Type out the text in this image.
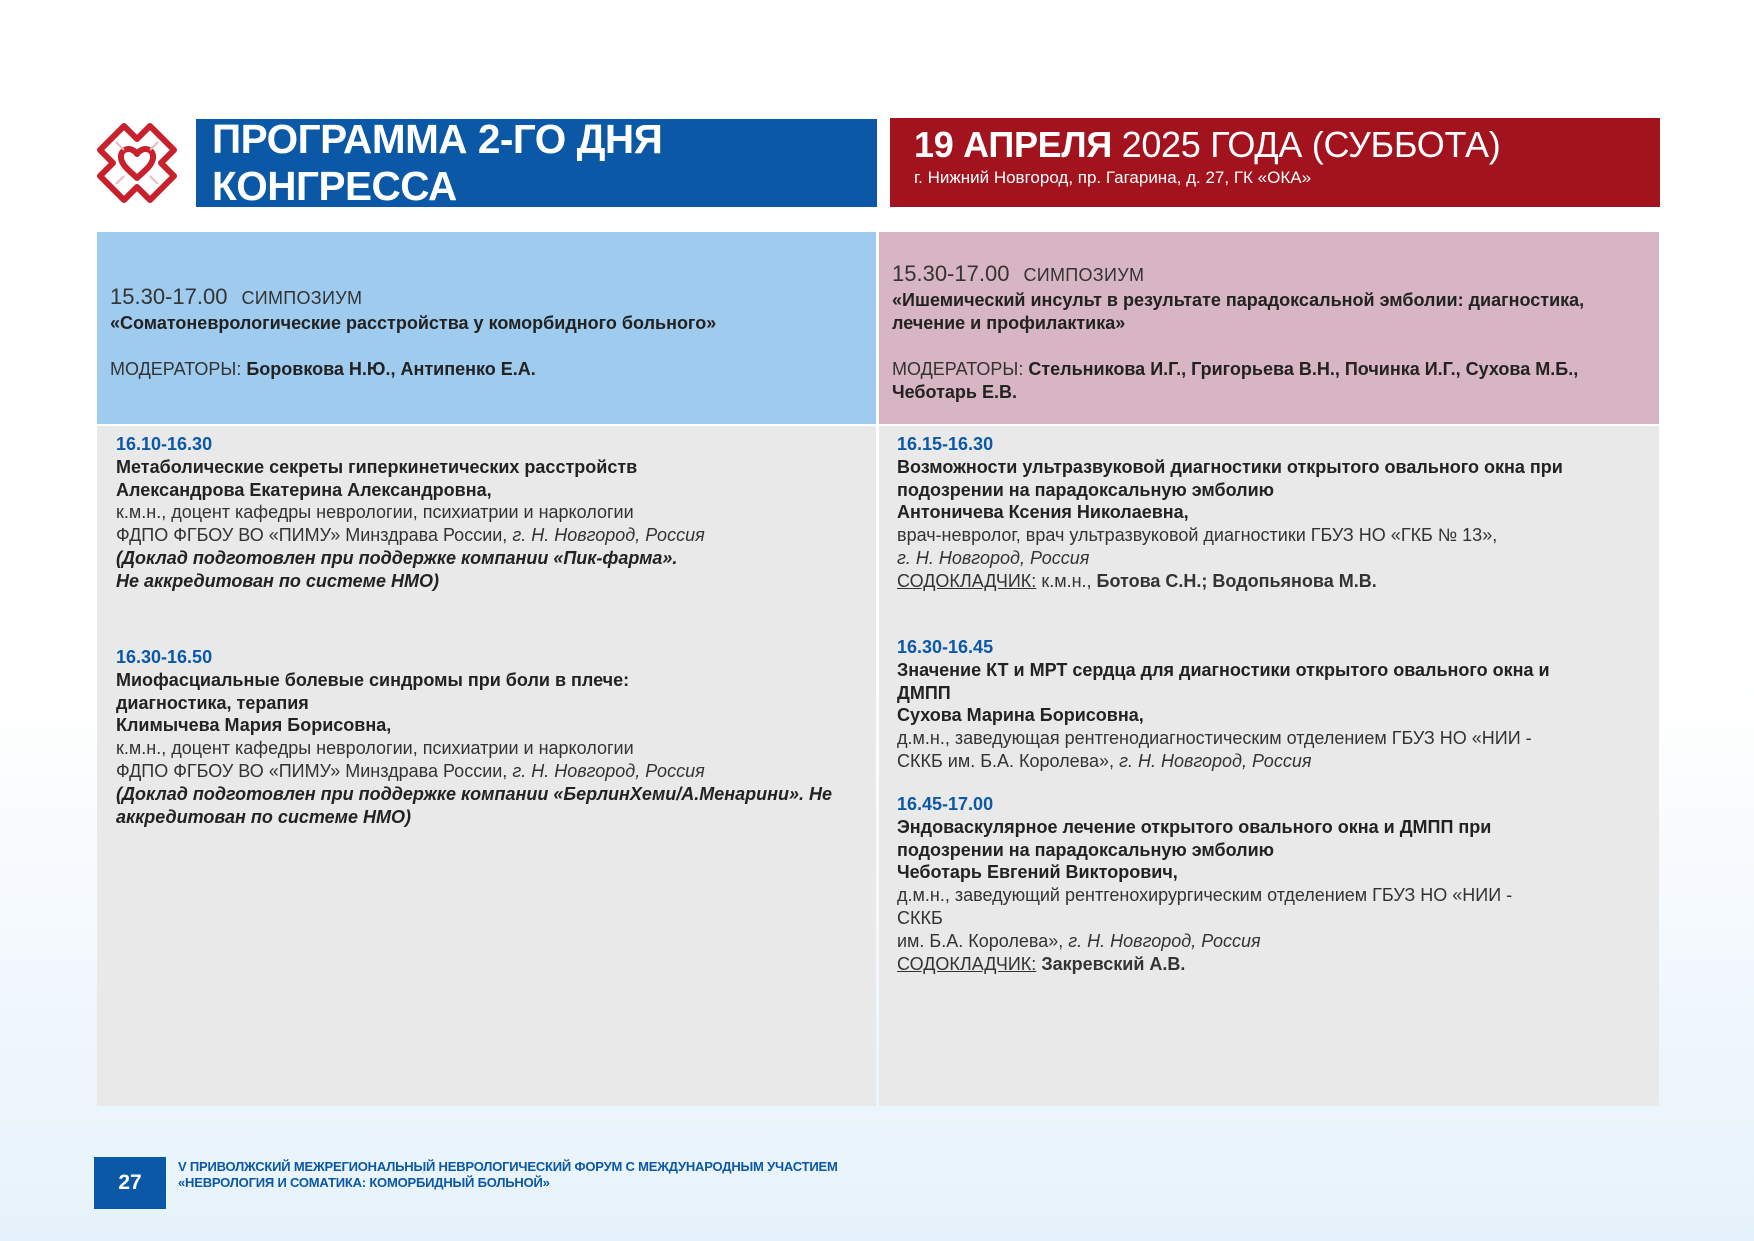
ПРОГРАММА 2-ГО ДНЯ КОНГРЕССА
19 АПРЕЛЯ 2025 ГОДА (СУББОТА)
г. Нижний Новгород, пр. Гагарина, д. 27, ГК «ОКА»
15.30-17.00 СИМПОЗИУМ
«Соматоневрологические расстройства у коморбидного больного»
МОДЕРАТОРЫ: Боровкова Н.Ю., Антипенко Е.А.
15.30-17.00 СИМПОЗИУМ
«Ишемический инсульт в результате парадоксальной эмболии: диагностика,
лечение и профилактика»
МОДЕРАТОРЫ: Стельникова И.Г., Григорьева В.Н., Починка И.Г., Сухова М.Б.,
Чеботарь Е.В.
16.10-16.30
Метаболические секреты гиперкинетических расстройств
Александрова Екатерина Александровна,
к.м.н., доцент кафедры неврологии, психиатрии и наркологии
ФДПО ФГБОУ ВО «ПИМУ» Минздрава России, г. Н. Новгород, Россия
(Доклад подготовлен при поддержке компании «Пик-фарма».
Не аккредитован по системе НМО)
16.30-16.50
Миофасциальные болевые синдромы при боли в плече:
диагностика, терапия
Климычева Мария Борисовна,
к.м.н., доцент кафедры неврологии, психиатрии и наркологии
ФДПО ФГБОУ ВО «ПИМУ» Минздрава России, г. Н. Новгород, Россия
(Доклад подготовлен при поддержке компании «БерлинХеми/А.Менарини». Не
аккредитован по системе НМО)
16.15-16.30
Возможности ультразвуковой диагностики открытого овального окна при
подозрении на парадоксальную эмболию
Антоничева Ксения Николаевна,
врач-невролог, врач ультразвуковой диагностики ГБУЗ НО «ГКБ № 13»,
г. Н. Новгород, Россия
СОДОКЛАДЧИК: к.м.н., Ботова С.Н.; Водопьянова М.В.
16.30-16.45
Значение КТ и МРТ сердца для диагностики открытого овального окна и
ДМПП
Сухова Марина Борисовна,
д.м.н., заведующая рентгенодиагностическим отделением ГБУЗ НО «НИИ -
СККБ им. Б.А. Королева», г. Н. Новгород, Россия
16.45-17.00
Эндоваскулярное лечение открытого овального окна и ДМПП при
подозрении на парадоксальную эмболию
Чеботарь Евгений Викторович,
д.м.н., заведующий рентгенохирургическим отделением ГБУЗ НО «НИИ -
СККБ
им. Б.А. Королева», г. Н. Новгород, Россия
СОДОКЛАДЧИК: Закревский А.В.
27
V ПРИВОЛЖСКИЙ МЕЖРЕГИОНАЛЬНЫЙ НЕВРОЛОГИЧЕСКИЙ ФОРУМ С МЕЖДУНАРОДНЫМ УЧАСТИЕМ
«НЕВРОЛОГИЯ И СОМАТИКА: КОМОРБИДНЫЙ БОЛЬНОЙ»
